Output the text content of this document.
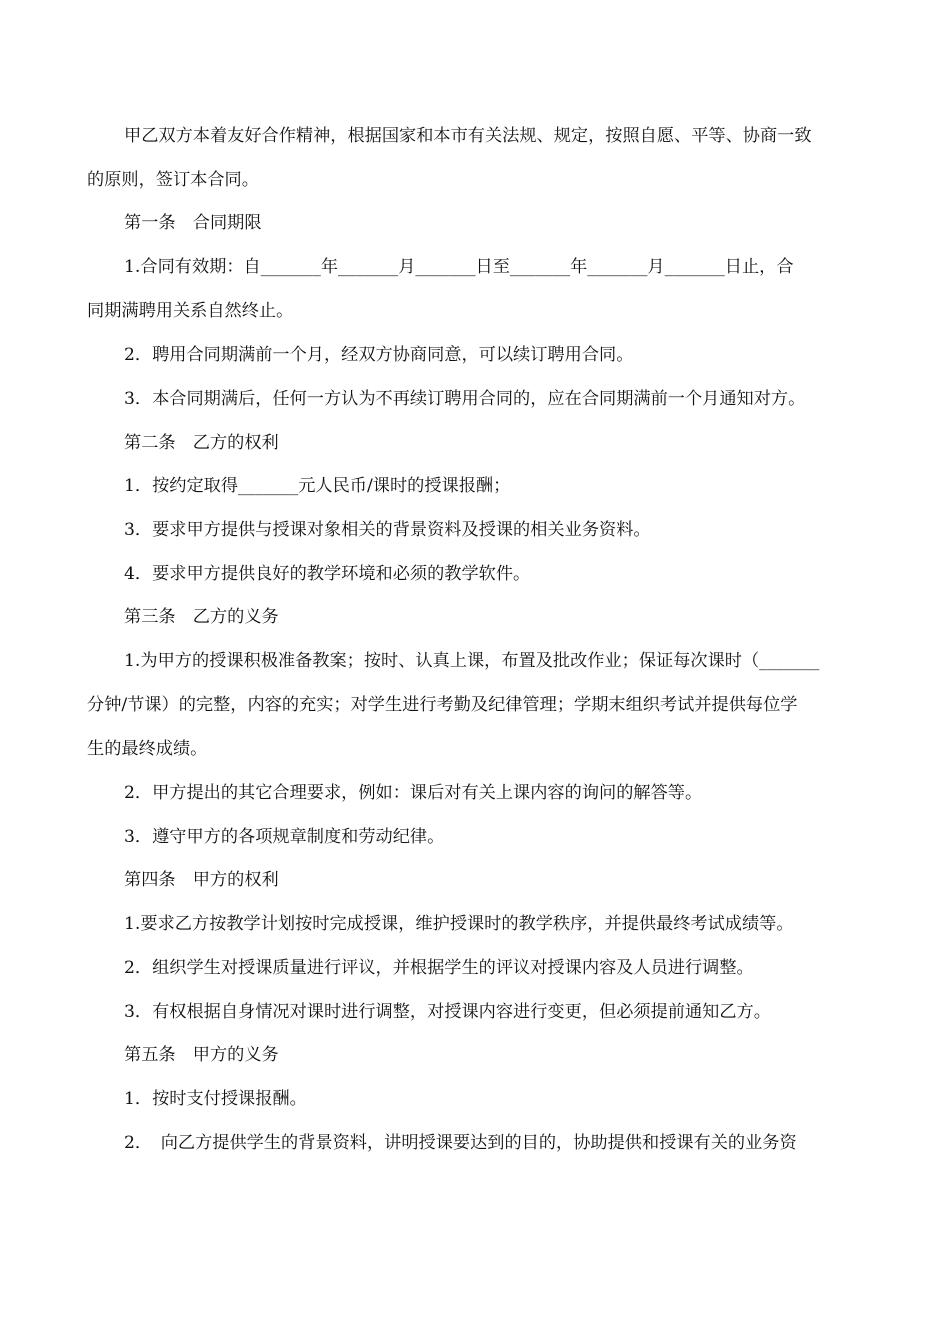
甲乙双方本着友好合作精神，根据国家和本市有关法规、规定，按照自愿、平等、协商一致
的原则，签订本合同。
第一条　合同期限
1.合同有效期：自_______年_______月_______日至_______年_______月_______日止，合
同期满聘用关系自然终止。
2．聘用合同期满前一个月，经双方协商同意，可以续订聘用合同。
3．本合同期满后，任何一方认为不再续订聘用合同的，应在合同期满前一个月通知对方。
第二条　乙方的权利
1．按约定取得_______元人民币/课时的授课报酬；
3．要求甲方提供与授课对象相关的背景资料及授课的相关业务资料。
4．要求甲方提供良好的教学环境和必须的教学软件。
第三条　乙方的义务
1.为甲方的授课积极准备教案；按时、认真上课，布置及批改作业；保证每次课时（_______
分钟/节课）的完整，内容的充实；对学生进行考勤及纪律管理；学期末组织考试并提供每位学
生的最终成绩。
2．甲方提出的其它合理要求，例如：课后对有关上课内容的询问的解答等。
3．遵守甲方的各项规章制度和劳动纪律。
第四条　甲方的权利
1.要求乙方按教学计划按时完成授课，维护授课时的教学秩序，并提供最终考试成绩等。
2．组织学生对授课质量进行评议，并根据学生的评议对授课内容及人员进行调整。
3．有权根据自身情况对课时进行调整，对授课内容进行变更，但必须提前通知乙方。
第五条　甲方的义务
1．按时支付授课报酬。
2．　向乙方提供学生的背景资料，讲明授课要达到的目的，协助提供和授课有关的业务资
